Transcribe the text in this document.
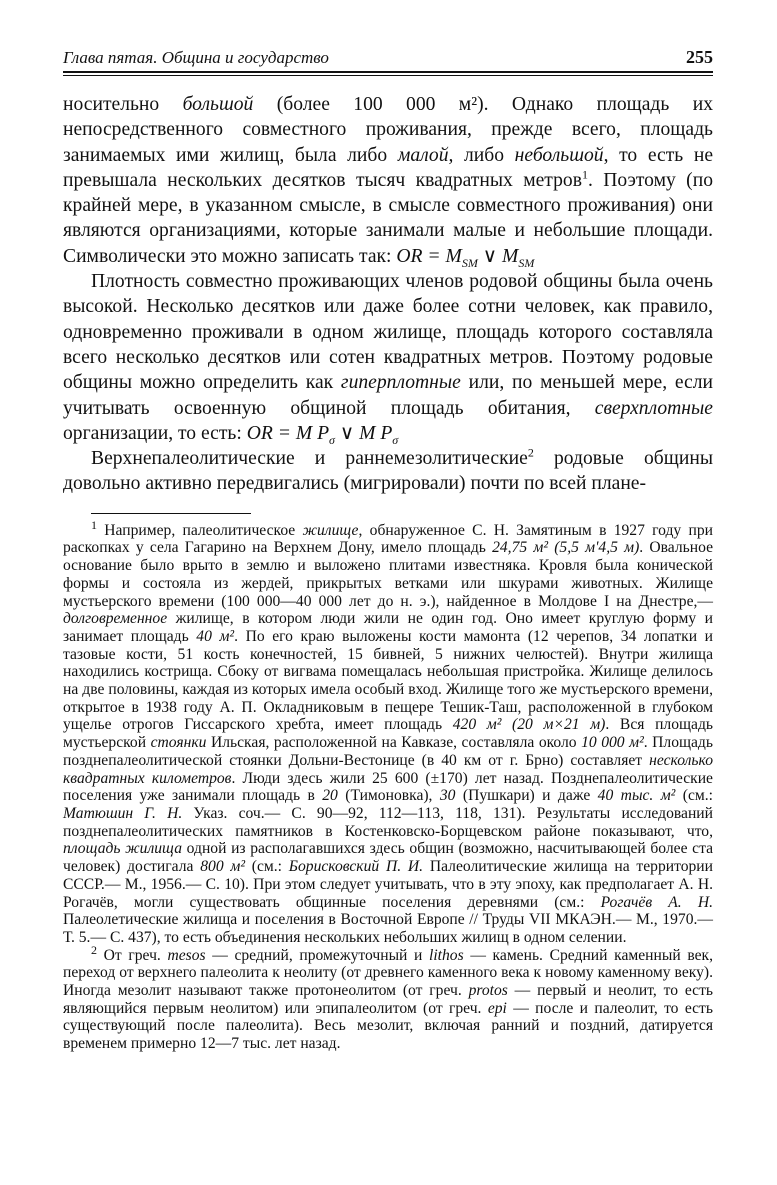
Глава пятая. Община и государство	255

носительно большой (более 100 000 м²). Однако площадь их непосредственного совместного проживания, прежде всего, площадь занимаемых ими жилищ, была либо малой, либо небольшой, то есть не превышала нескольких десятков тысяч квадратных метров$^1$. Поэтому (по крайней мере, в указанном смысле, в смысле совместного проживания) они являются организациями, которые занимали малые и небольшие площади. Символически это можно записать так: OR = $M_{SM}$ ∨ $M_{SM}$

Плотность совместно проживающих членов родовой общины была очень высокой. Несколько десятков или даже более сотни человек, как правило, одновременно проживали в одном жилище, площадь которого составляла всего несколько десятков или сотен квадратных метров. Поэтому родовые общины можно определить как гиперплотные или, по меньшей мере, если учитывать освоенную общиной площадь обитания, сверхплотные организации, то есть: OR = M $P_\sigma$ ∨ M $P_\sigma$

Верхнепалеолитические и раннемезолитические$^2$ родовые общины довольно активно передвигались (мигрировали) почти по всей плане-

$^1$ Например, палеолитическое жилище, обнаруженное С. Н. Замятиным в 1927 году при раскопках у села Гагарино на Верхнем Дону, имело площадь 24,75 м² (5,5 м'4,5 м). Овальное основание было врыто в землю и выложено плитами известняка. Кровля была конической формы и состояла из жердей, прикрытых ветками или шкурами животных. Жилище мустьерского времени (100 000—40 000 лет до н. э.), найденное в Молдове I на Днестре,— долговременное жилище, в котором люди жили не один год. Оно имеет круглую форму и занимает площадь 40 м². По его краю выложены кости мамонта (12 черепов, 34 лопатки и тазовые кости, 51 кость конечностей, 15 бивней, 5 нижних челюстей). Внутри жилища находились кострища. Сбоку от вигвама помещалась небольшая пристройка. Жилище делилось на две половины, каждая из которых имела особый вход. Жилище того же мустьерского времени, открытое в 1938 году А. П. Окладниковым в пещере Тешик-Таш, расположенной в глубоком ущелье отрогов Гиссарского хребта, имеет площадь 420 м² (20 м×21 м). Вся площадь мустьерской стоянки Ильская, расположенной на Кавказе, составляла около 10 000 м². Площадь позднепалеолитической стоянки Дольни-Вестонице (в 40 км от г. Брно) составляет несколько квадратных километров. Люди здесь жили 25 600 (±170) лет назад. Позднепалеолитические поселения уже занимали площадь в 20 (Тимоновка), 30 (Пушкари) и даже 40 тыс. м² (см.: Матюшин Г. Н. Указ. соч.— С. 90—92, 112—113, 118, 131). Результаты исследований позднепалеолитических памятников в Костенковско-Борщевском районе показывают, что, площадь жилища одной из располагавшихся здесь общин (возможно, насчитывающей более ста человек) достигала 800 м² (см.: Борисковский П. И. Палеолитические жилища на территории СССР.— М., 1956.— С. 10). При этом следует учитывать, что в эту эпоху, как предполагает А. Н. Рогачёв, могли существовать общинные поселения деревнями (см.: Рогачёв А. Н. Палеолетические жилища и поселения в Восточной Европе // Труды VII МКАЭН.— М., 1970.— Т. 5.— С. 437), то есть объединения нескольких небольших жилищ в одном селении.

$^2$ От греч. mesos — средний, промежуточный и lithos — камень. Средний каменный век, переход от верхнего палеолита к неолиту (от древнего каменного века к новому каменному веку). Иногда мезолит называют также протонеолитом (от греч. protos — первый и неолит, то есть являющийся первым неолитом) или эпипалеолитом (от греч. epi — после и палеолит, то есть существующий после палеолита). Весь мезолит, включая ранний и поздний, датируется временем примерно 12—7 тыс. лет назад.
